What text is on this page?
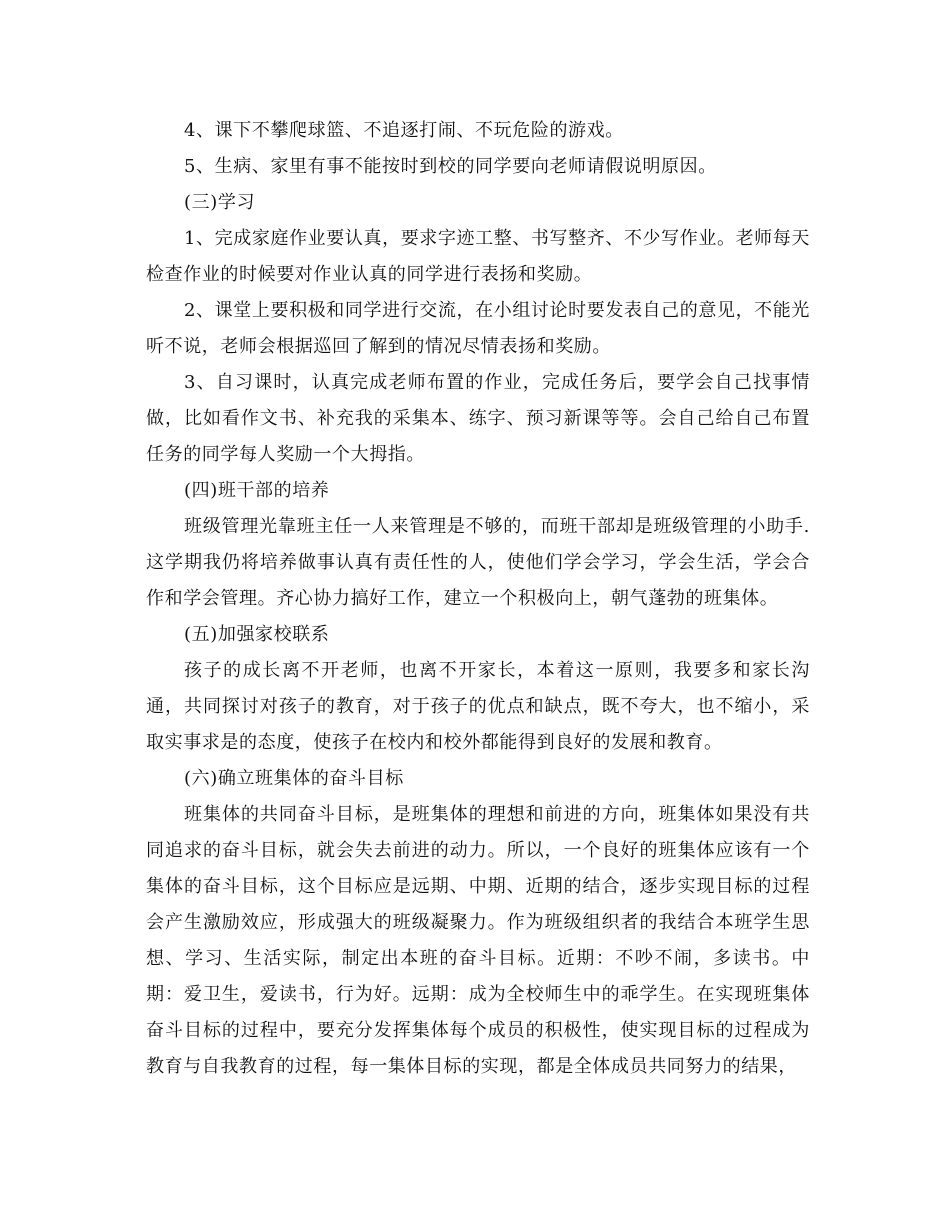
4、课下不攀爬球篮、不追逐打闹、不玩危险的游戏。

5、生病、家里有事不能按时到校的同学要向老师请假说明原因。

(三)学习

1、完成家庭作业要认真，要求字迹工整、书写整齐、不少写作业。老师每天检查作业的时候要对作业认真的同学进行表扬和奖励。

2、课堂上要积极和同学进行交流，在小组讨论时要发表自己的意见，不能光听不说，老师会根据巡回了解到的情况尽情表扬和奖励。

3、自习课时，认真完成老师布置的作业，完成任务后，要学会自己找事情做，比如看作文书、补充我的采集本、练字、预习新课等等。会自己给自己布置任务的同学每人奖励一个大拇指。

(四)班干部的培养

班级管理光靠班主任一人来管理是不够的，而班干部却是班级管理的小助手.这学期我仍将培养做事认真有责任性的人，使他们学会学习，学会生活，学会合作和学会管理。齐心协力搞好工作，建立一个积极向上，朝气蓬勃的班集体。

(五)加强家校联系

孩子的成长离不开老师，也离不开家长，本着这一原则，我要多和家长沟通，共同探讨对孩子的教育，对于孩子的优点和缺点，既不夸大，也不缩小，采取实事求是的态度，使孩子在校内和校外都能得到良好的发展和教育。

(六)确立班集体的奋斗目标

班集体的共同奋斗目标，是班集体的理想和前进的方向，班集体如果没有共同追求的奋斗目标，就会失去前进的动力。所以，一个良好的班集体应该有一个集体的奋斗目标，这个目标应是远期、中期、近期的结合，逐步实现目标的过程会产生激励效应，形成强大的班级凝聚力。作为班级组织者的我结合本班学生思想、学习、生活实际，制定出本班的奋斗目标。近期：不吵不闹，多读书。中期：爱卫生，爱读书，行为好。远期：成为全校师生中的乖学生。在实现班集体奋斗目标的过程中，要充分发挥集体每个成员的积极性，使实现目标的过程成为教育与自我教育的过程，每一集体目标的实现，都是全体成员共同努力的结果，
